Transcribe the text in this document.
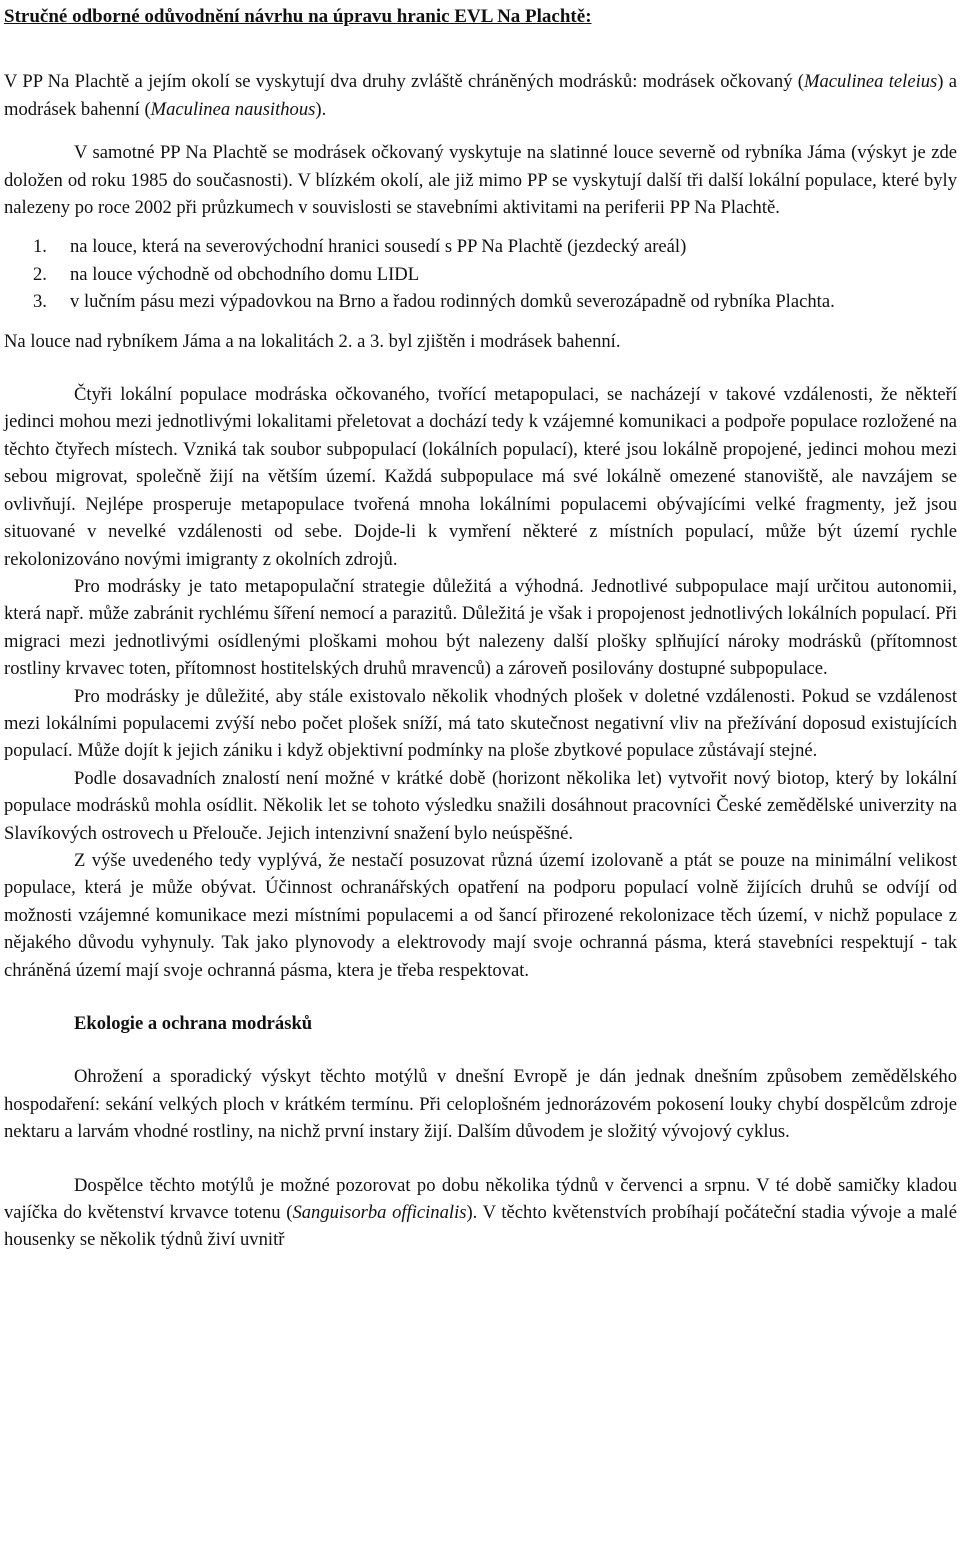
Stručné odborné odůvodnění návrhu na úpravu hranic EVL Na Plachtě:

V PP Na Plachtě a jejím okolí se vyskytují dva druhy zvláště chráněných modrásků: modrásek očkovaný (Maculinea teleius) a modrásek bahenní (Maculinea nausithous).

V samotné PP Na Plachtě se modrásek očkovaný vyskytuje na slatinné louce severně od rybníka Jáma (výskyt je zde doložen od roku 1985 do současnosti). V blízkém okolí, ale již mimo PP se vyskytují další tři další lokální populace, které byly nalezeny po roce 2002 při průzkumech v souvislosti se stavebními aktivitami na periferii PP Na Plachtě.

1.	na louce, která na severovýchodní hranici sousedí s PP Na Plachtě (jezdecký areál)
2.	na louce východně od obchodního domu LIDL
3.	v lučním pásu mezi výpadovkou na Brno a řadou rodinných domků severozápadně od rybníka Plachta.

Na louce nad rybníkem Jáma a na lokalitách 2. a 3. byl zjištěn i modrásek bahenní.

Čtyři lokální populace modráska očkovaného, tvořící metapopulaci, se nacházejí v takové vzdálenosti, že někteří jedinci mohou mezi jednotlivými lokalitami přeletovat a dochází tedy k vzájemné komunikaci a podpoře populace rozložené na těchto čtyřech místech. Vzniká tak soubor subpopulací (lokálních populací), které jsou lokálně propojené, jedinci mohou mezi sebou migrovat, společně žijí na větším území. Každá subpopulace má své lokálně omezené stanoviště, ale navzájem se ovlivňují. Nejlépe prosperuje metapopulace tvořená mnoha lokálními populacemi obývajícími velké fragmenty, jež jsou situované v nevelké vzdálenosti od sebe. Dojde-li k vymření některé z místních populací, může být území rychle rekolonizováno novými imigranty z okolních zdrojů.

Pro modrásky je tato metapopulační strategie důležitá a výhodná. Jednotlivé subpopulace mají určitou autonomii, která např. může zabránit rychlému šíření nemocí a parazitů. Důležitá je však i propojenost jednotlivých lokálních populací. Při migraci mezi jednotlivými osídlenými ploškami mohou být nalezeny další plošky splňující nároky modrásků (přítomnost rostliny krvavec toten, přítomnost hostitelských druhů mravenců) a zároveň posilovány dostupné subpopulace.

Pro modrásky je důležité, aby stále existovalo několik vhodných plošek v doletné vzdálenosti. Pokud se vzdálenost mezi lokálními populacemi zvýší nebo počet plošek sníží, má tato skutečnost negativní vliv na přežívání doposud existujících populací. Může dojít k jejich zániku i když objektivní podmínky na ploše zbytkové populace zůstávají stejné.

Podle dosavadních znalostí není možné v krátké době (horizont několika let) vytvořit nový biotop, který by lokální populace modrásků mohla osídlit. Několik let se tohoto výsledku snažili dosáhnout pracovníci České zemědělské univerzity na Slavíkových ostrovech u Přelouče. Jejich intenzivní snažení bylo neúspěšné.

Z výše uvedeného tedy vyplývá, že nestačí posuzovat různá území izolovaně a ptát se pouze na minimální velikost populace, která je může obývat. Účinnost ochranářských opatření na podporu populací volně žijících druhů se odvíjí od možnosti vzájemné komunikace mezi místními populacemi a od šancí přirozené rekolonizace těch území, v nichž populace z nějakého důvodu vyhynuly. Tak jako plynovody a elektrovody mají svoje ochranná pásma, která stavebníci respektují - tak chráněná území mají svoje ochranná pásma, ktera je třeba respektovat.

Ekologie a ochrana modrásků

Ohrožení a sporadický výskyt těchto motýlů v dnešní Evropě je dán jednak dnešním způsobem zemědělského hospodaření: sekání velkých ploch v krátkém termínu. Při celoplošném jednorázovém pokosení louky chybí dospělcům zdroje nektaru a larvám vhodné rostliny, na nichž první instary žijí. Dalším důvodem je složitý vývojový cyklus.

Dospělce těchto motýlů je možné pozorovat po dobu několika týdnů v červenci a srpnu. V té době samičky kladou vajíčka do květenství krvavce totenu (Sanguisorba officinalis). V těchto květenstvích probíhají počáteční stadia vývoje a malé housenky se několik týdnů živí uvnitř
